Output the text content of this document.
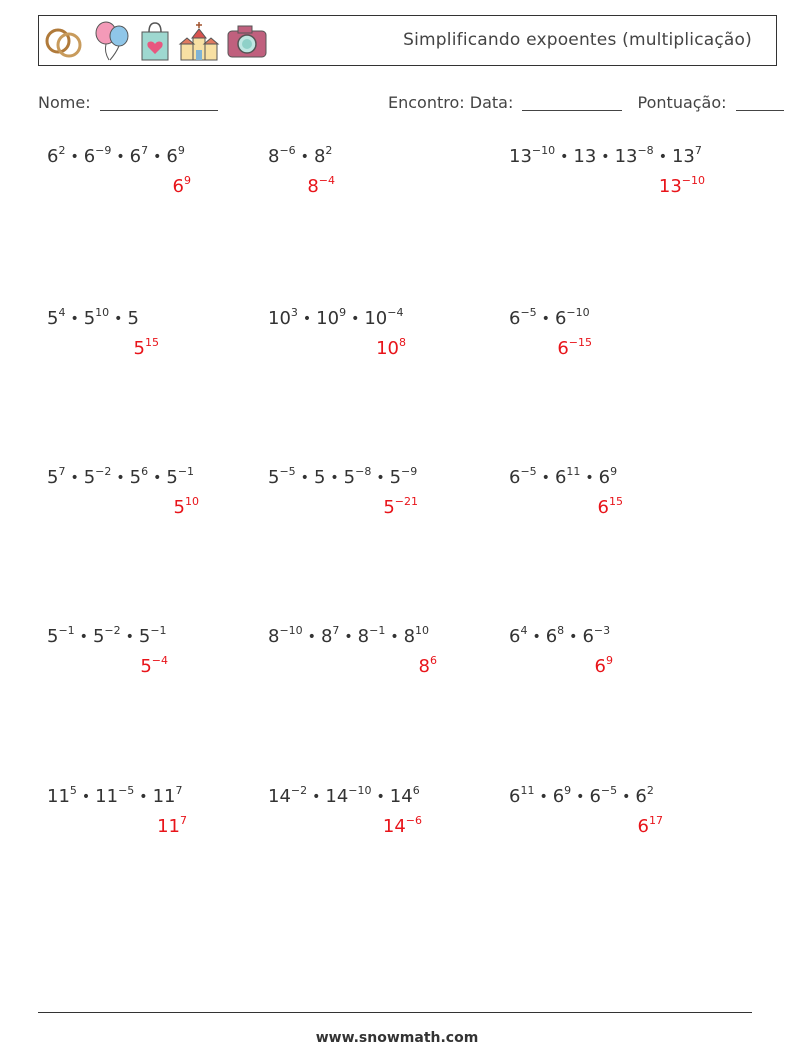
Simplificando expoentes (multiplicação)
Nome:	Encontro: Data:	Pontuação:
$6^2$ • $6^{-9}$ • $6^7$ • $6^9$
$6^9$
$8^{-6}$ • $8^2$
$8^{-4}$
$13^{-10}$ • 13 • $13^{-8}$ • $13^7$
$13^{-10}$
$5^4$ • $5^{10}$ • 5
$5^{15}$
$10^3$ • $10^9$ • $10^{-4}$
$10^8$
$6^{-5}$ • $6^{-10}$
$6^{-15}$
$5^7$ • $5^{-2}$ • $5^6$ • $5^{-1}$
$5^{10}$
$5^{-5}$ • 5 • $5^{-8}$ • $5^{-9}$
$5^{-21}$
$6^{-5}$ • $6^{11}$ • $6^9$
$6^{15}$
$5^{-1}$ • $5^{-2}$ • $5^{-1}$
$5^{-4}$
$8^{-10}$ • $8^7$ • $8^{-1}$ • $8^{10}$
$8^6$
$6^4$ • $6^8$ • $6^{-3}$
$6^9$
$11^5$ • $11^{-5}$ • $11^7$
$11^7$
$14^{-2}$ • $14^{-10}$ • $14^6$
$14^{-6}$
$6^{11}$ • $6^9$ • $6^{-5}$ • $6^2$
$6^{17}$
www.snowmath.com
